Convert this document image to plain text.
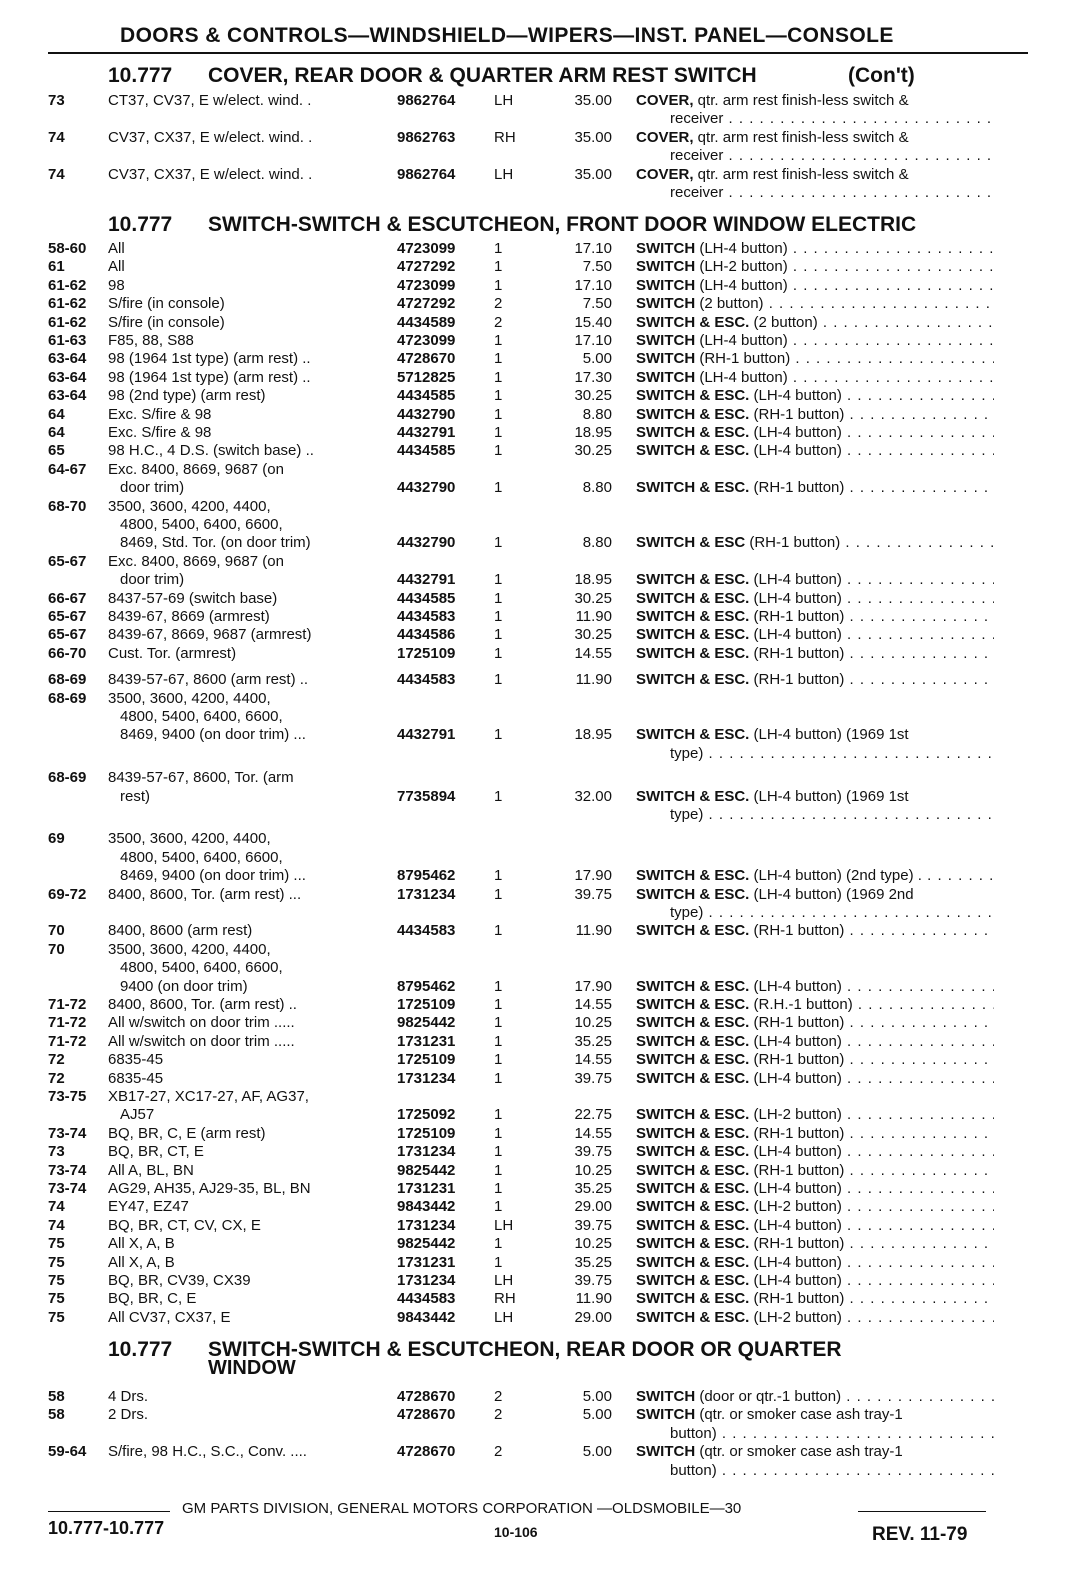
DOORS & CONTROLS—WINDSHIELD—WIPERS—INST. PANEL—CONSOLE
10.777 COVER, REAR DOOR & QUARTER ARM REST SWITCH	(Con't)
73	CT37, CV37, E w/elect. wind. .	9862764	LH	35.00 COVER, qtr. arm rest finish-less switch &
receiver . . .
74	CV37, CX37, E w/elect. wind. .	9862763	RH	35.00 COVER, qtr. arm rest finish-less switch &
receiver . . .
74	CV37, CX37, E w/elect. wind. .	9862764	LH	35.00 COVER, qtr. arm rest finish-less switch &
receiver . . .
10.777 SWITCH-SWITCH & ESCUTCHEON, FRONT DOOR WINDOW ELECTRIC
58-60 All	4723099	1	17.10 SWITCH (LH-4 button) . . .
61	All	4727292	1	7.50 SWITCH (LH-2 button) . . .
61-62 98	4723099	1	17.10 SWITCH (LH-4 button) . . .
61-62 S/fire (in console)	4727292	2	7.50 SWITCH (2 button) . . .
61-62 S/fire (in console)	4434589	2	15.40 SWITCH & ESC. (2 button) . . .
61-63 F85, 88, S88	4723099	1	17.10 SWITCH (LH-4 button) . . .
63-64 98 (1964 1st type) (arm rest) ..	4728670	1	5.00 SWITCH (RH-1 button) . . .
63-64 98 (1964 1st type) (arm rest) ..	5712825	1	17.30 SWITCH (LH-4 button) . . .
63-64 98 (2nd type) (arm rest)	4434585	1	30.25 SWITCH & ESC. (LH-4 button) . . .
64	Exc. S/fire & 98	4432790	1	8.80 SWITCH & ESC. (RH-1 button) . . .
64	Exc. S/fire & 98	4432791	1	18.95 SWITCH & ESC. (LH-4 button) . . .
65	98 H.C., 4 D.S. (switch base) ..	4434585	1	30.25 SWITCH & ESC. (LH-4 button) . . .
64-67 Exc. 8400, 8669, 9687 (on
door trim)	4432790	1	8.80 SWITCH & ESC. (RH-1 button) . . .
68-70 3500, 3600, 4200, 4400,
4800, 5400, 6400, 6600,
8469, Std. Tor. (on door trim)	4432790	1	8.80 SWITCH & ESC (RH-1 button) . . .
65-67 Exc. 8400, 8669, 9687 (on
door trim)	4432791	1	18.95 SWITCH & ESC. (LH-4 button) . . .
66-67 8437-57-69 (switch base)	4434585	1	30.25 SWITCH & ESC. (LH-4 button) . . .
65-67 8439-67, 8669 (armrest)	4434583	1	11.90 SWITCH & ESC. (RH-1 button) . . .
65-67 8439-67, 8669, 9687 (armrest)	4434586	1	30.25 SWITCH & ESC. (LH-4 button) . . .
66-70 Cust. Tor. (armrest)	1725109	1	14.55 SWITCH & ESC. (RH-1 button) . . .
68-69 8439-57-67, 8600 (arm rest) ..	4434583	1	11.90 SWITCH & ESC. (RH-1 button) . . .
68-69 3500, 3600, 4200, 4400,
4800, 5400, 6400, 6600,
8469, 9400 (on door trim) ...	4432791	1	18.95 SWITCH & ESC. (LH-4 button) (1969 1st
type) . . .
68-69 8439-57-67, 8600, Tor. (arm
rest)	7735894	1	32.00 SWITCH & ESC. (LH-4 button) (1969 1st
type) . . .
69	3500, 3600, 4200, 4400,
4800, 5400, 6400, 6600,
8469, 9400 (on door trim) ...	8795462	1	17.90 SWITCH & ESC. (LH-4 button) (2nd type) . . . .
69-72 8400, 8600, Tor. (arm rest) ...	1731234	1	39.75 SWITCH & ESC. (LH-4 button) (1969 2nd
type) . . .
70	8400, 8600 (arm rest)	4434583	1	11.90 SWITCH & ESC. (RH-1 button) . . .
70	3500, 3600, 4200, 4400,
4800, 5400, 6400, 6600,
9400 (on door trim)	8795462	1	17.90 SWITCH & ESC. (LH-4 button) . . .
71-72 8400, 8600, Tor. (arm rest) ..	1725109	1	14.55 SWITCH & ESC. (R.H.-1 button) . . .
71-72 All w/switch on door trim .....	9825442	1	10.25 SWITCH & ESC. (RH-1 button) . . .
71-72 All w/switch on door trim .....	1731231	1	35.25 SWITCH & ESC. (LH-4 button) . . .
72	6835-45	1725109	1	14.55 SWITCH & ESC. (RH-1 button) . . .
72	6835-45	1731234	1	39.75 SWITCH & ESC. (LH-4 button) . . .
73-75 XB17-27, XC17-27, AF, AG37,
AJ57	1725092	1	22.75 SWITCH & ESC. (LH-2 button) . . .
73-74 BQ, BR, C, E (arm rest)	1725109	1	14.55 SWITCH & ESC. (RH-1 button) . . .
73	BQ, BR, CT, E	1731234	1	39.75 SWITCH & ESC. (LH-4 button) . . .
73-74 All A, BL, BN	9825442	1	10.25 SWITCH & ESC. (RH-1 button) . . .
73-74 AG29, AH35, AJ29-35, BL, BN	1731231	1	35.25 SWITCH & ESC. (LH-4 button) . . .
74	EY47, EZ47	9843442	1	29.00 SWITCH & ESC. (LH-2 button) . . .
74	BQ, BR, CT, CV, CX, E	1731234	LH	39.75 SWITCH & ESC. (LH-4 button) . . .
75	All X, A, B	9825442	1	10.25 SWITCH & ESC. (RH-1 button) . . .
75	All X, A, B	1731231	1	35.25 SWITCH & ESC. (LH-4 button) . . .
75	BQ, BR, CV39, CX39	1731234	LH	39.75 SWITCH & ESC. (LH-4 button) . . .
75	BQ, BR, C, E	4434583	RH	11.90 SWITCH & ESC. (RH-1 button) . . .
75	All CV37, CX37, E	9843442	LH	29.00 SWITCH & ESC. (LH-2 button) . . .
10.777 SWITCH-SWITCH & ESCUTCHEON, REAR DOOR OR QUARTER
WINDOW
58	4 Drs.	4728670	2	5.00 SWITCH (door or qtr.-1 button) . . .
58	2 Drs.	4728670	2	5.00 SWITCH (qtr. or smoker case ash tray-1
button) . . .
59-64 S/fire, 98 H.C., S.C., Conv. ....	4728670	2	5.00 SWITCH (qtr. or smoker case ash tray-1
button) . . .
GM PARTS DIVISION, GENERAL MOTORS CORPORATION —OLDSMOBILE—30
10.777-10.777	10-106	REV. 11-79
